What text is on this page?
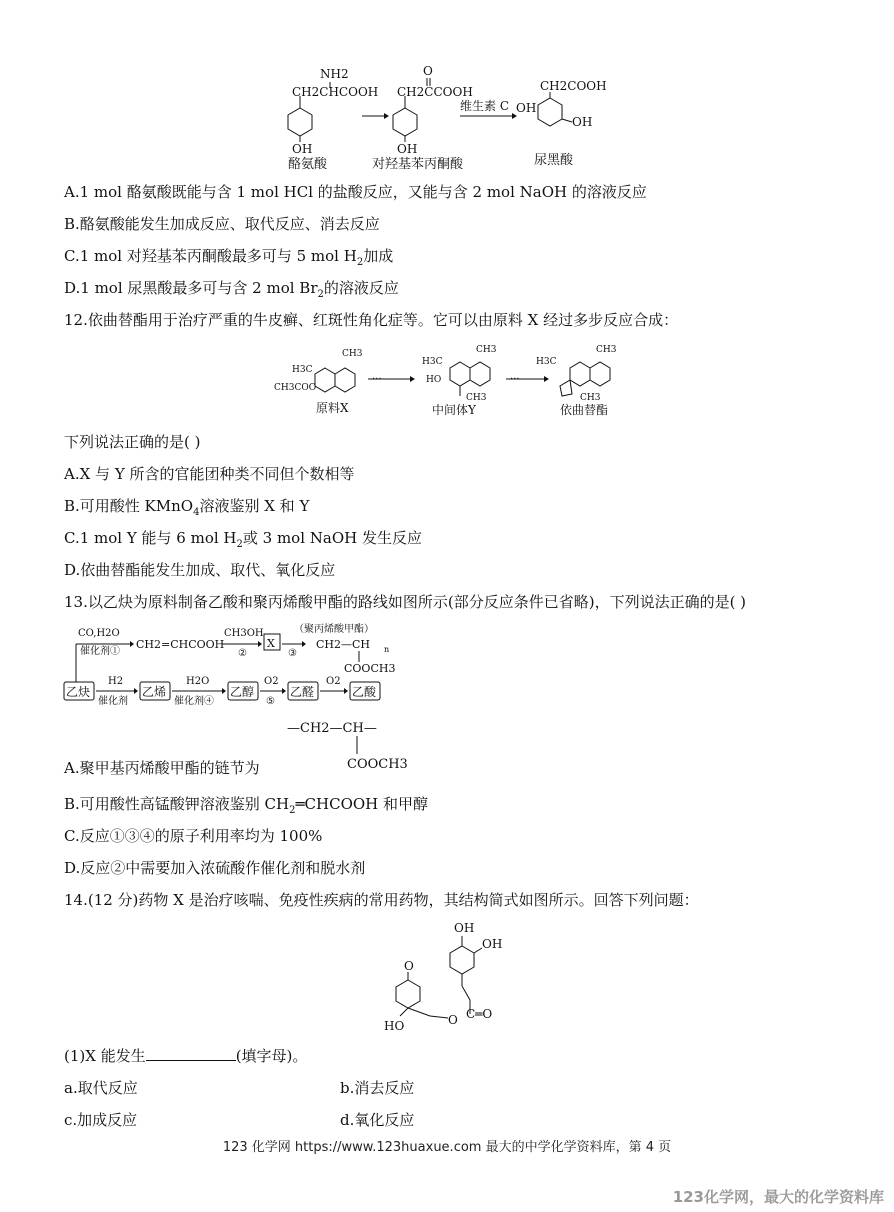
NH2
CH2CHCOOH
OH
酪氨酸
O
CH2CCOOH
OH
对羟基苯丙酮酸
维生素 C
CH2COOH
OH
OH
尿黑酸
A.1 mol 酪氨酸既能与含 1 mol HCl 的盐酸反应，又能与含 2 mol NaOH 的溶液反应
B.酪氨酸能发生加成反应、取代反应、消去反应
C.1 mol 对羟基苯丙酮酸最多可与 5 mol $H_2$加成
D.1 mol 尿黑酸最多可与含 2 mol $Br_2$的溶液反应
12.依曲替酯用于治疗严重的牛皮癣、红斑性角化症等。它可以由原料 X 经过多步反应合成：
CH3
H3C
CH3COO
原料X
···
CH3
H3C
HO
CH3
中间体Y
···
CH3
H3C
CH3
依曲替酯
下列说法正确的是( )
A.X 与 Y 所含的官能团种类不同但个数相等
B.可用酸性 KMnO$_4$溶液鉴别 X 和 Y
C.1 mol Y 能与 6 mol $H_2$或 3 mol NaOH 发生反应
D.依曲替酯能发生加成、取代、氧化反应
13.以乙炔为原料制备乙酸和聚丙烯酸甲酯的路线如图所示(部分反应条件已省略)，下列说法正确的是( )
CO,H2O
催化剂①
CH2=CHCOOH
CH3OH
②
X
③
（聚丙烯酸甲酯）
CH2—CH n
COOCH3
乙炔
H2
催化剂
乙烯
H2O
催化剂④
乙醇
O2
⑤
乙醛
O2
乙酸
—CH2—CH—
COOCH3
A.聚甲基丙烯酸甲酯的链节为
B.可用酸性高锰酸钾溶液鉴别 $CH_2═CHCOOH$ 和甲醇
C.反应①③④的原子利用率均为 100%
D.反应②中需要加入浓硫酸作催化剂和脱水剂
14.(12 分)药物 X 是治疗咳喘、免疫性疾病的常用药物，其结构简式如图所示。回答下列问题：
OH
OH
O
HO	O C═O
(1)X 能发生	(填字母)。
a.取代反应	b.消去反应
c.加成反应	d.氧化反应
123 化学网 https://www.123huaxue.com 最大的中学化学资料库，第 4 页
123化学网，最大的化学资料库
